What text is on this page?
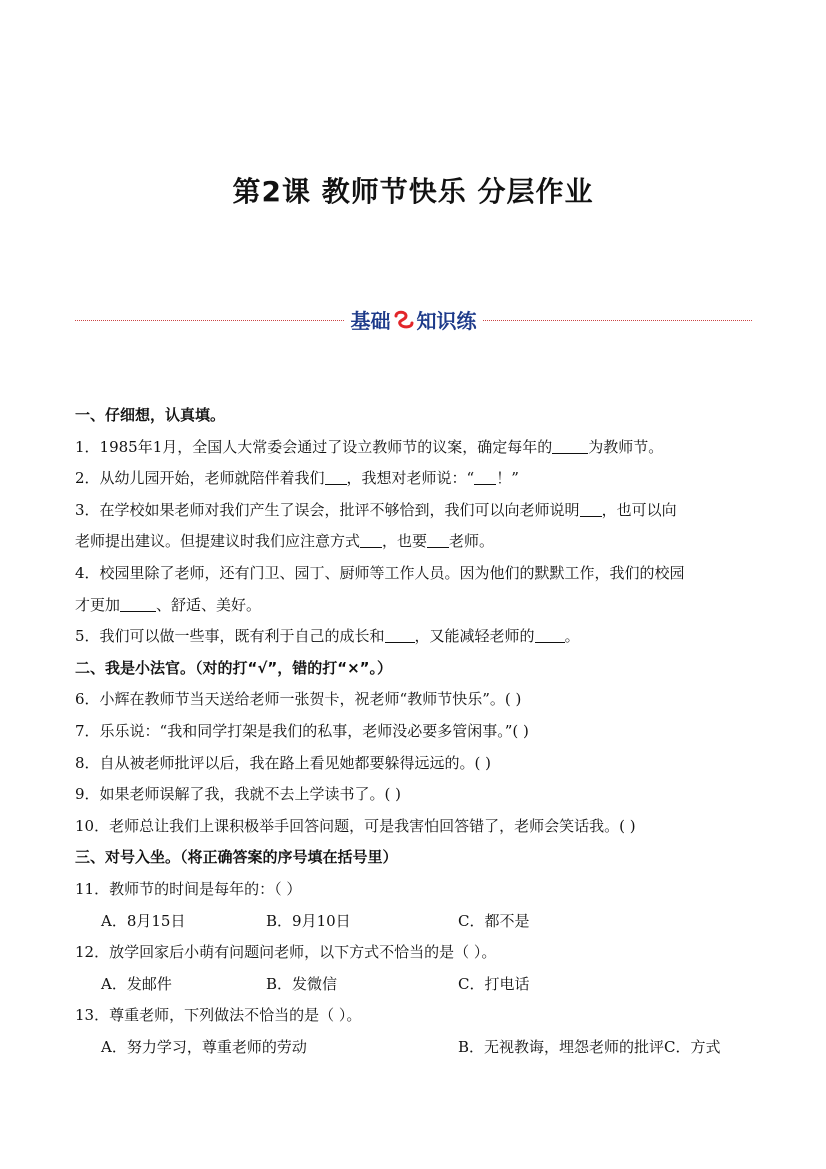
第2课 教师节快乐 分层作业
基础 知识练
一、仔细想，认真填。
1．1985年1月，全国人大常委会通过了设立教师节的议案，确定每年的 为教师节。
2．从幼儿园开始，老师就陪伴着我们 ，我想对老师说：“ ！”
3．在学校如果老师对我们产生了误会，批评不够恰到，我们可以向老师说明 ，也可以向
老师提出建议。但提建议时我们应注意方式 ，也要 老师。
4．校园里除了老师，还有门卫、园丁、厨师等工作人员。因为他们的默默工作，我们的校园
才更加 、舒适、美好。
5．我们可以做一些事，既有利于自己的成长和 ，又能减轻老师的 。
二、我是小法官。（对的打“√”，错的打“×”。）
6．小辉在教师节当天送给老师一张贺卡，祝老师“教师节快乐”。( )
7．乐乐说：“我和同学打架是我们的私事，老师没必要多管闲事。”( )
8．自从被老师批评以后，我在路上看见她都要躲得远远的。( )
9．如果老师误解了我，我就不去上学读书了。( )
10．老师总让我们上课积极举手回答问题，可是我害怕回答错了，老师会笑话我。( )
三、对号入坐。（将正确答案的序号填在括号里）
11．教师节的时间是每年的：（ ）
A．8月15日	B．9月10日	C．都不是
12．放学回家后小萌有问题问老师，以下方式不恰当的是（ ）。
A．发邮件	B．发微信	C．打电话
13．尊重老师，下列做法不恰当的是（ ）。
A．努力学习，尊重老师的劳动	B．无视教诲，埋怨老师的批评C．方式
